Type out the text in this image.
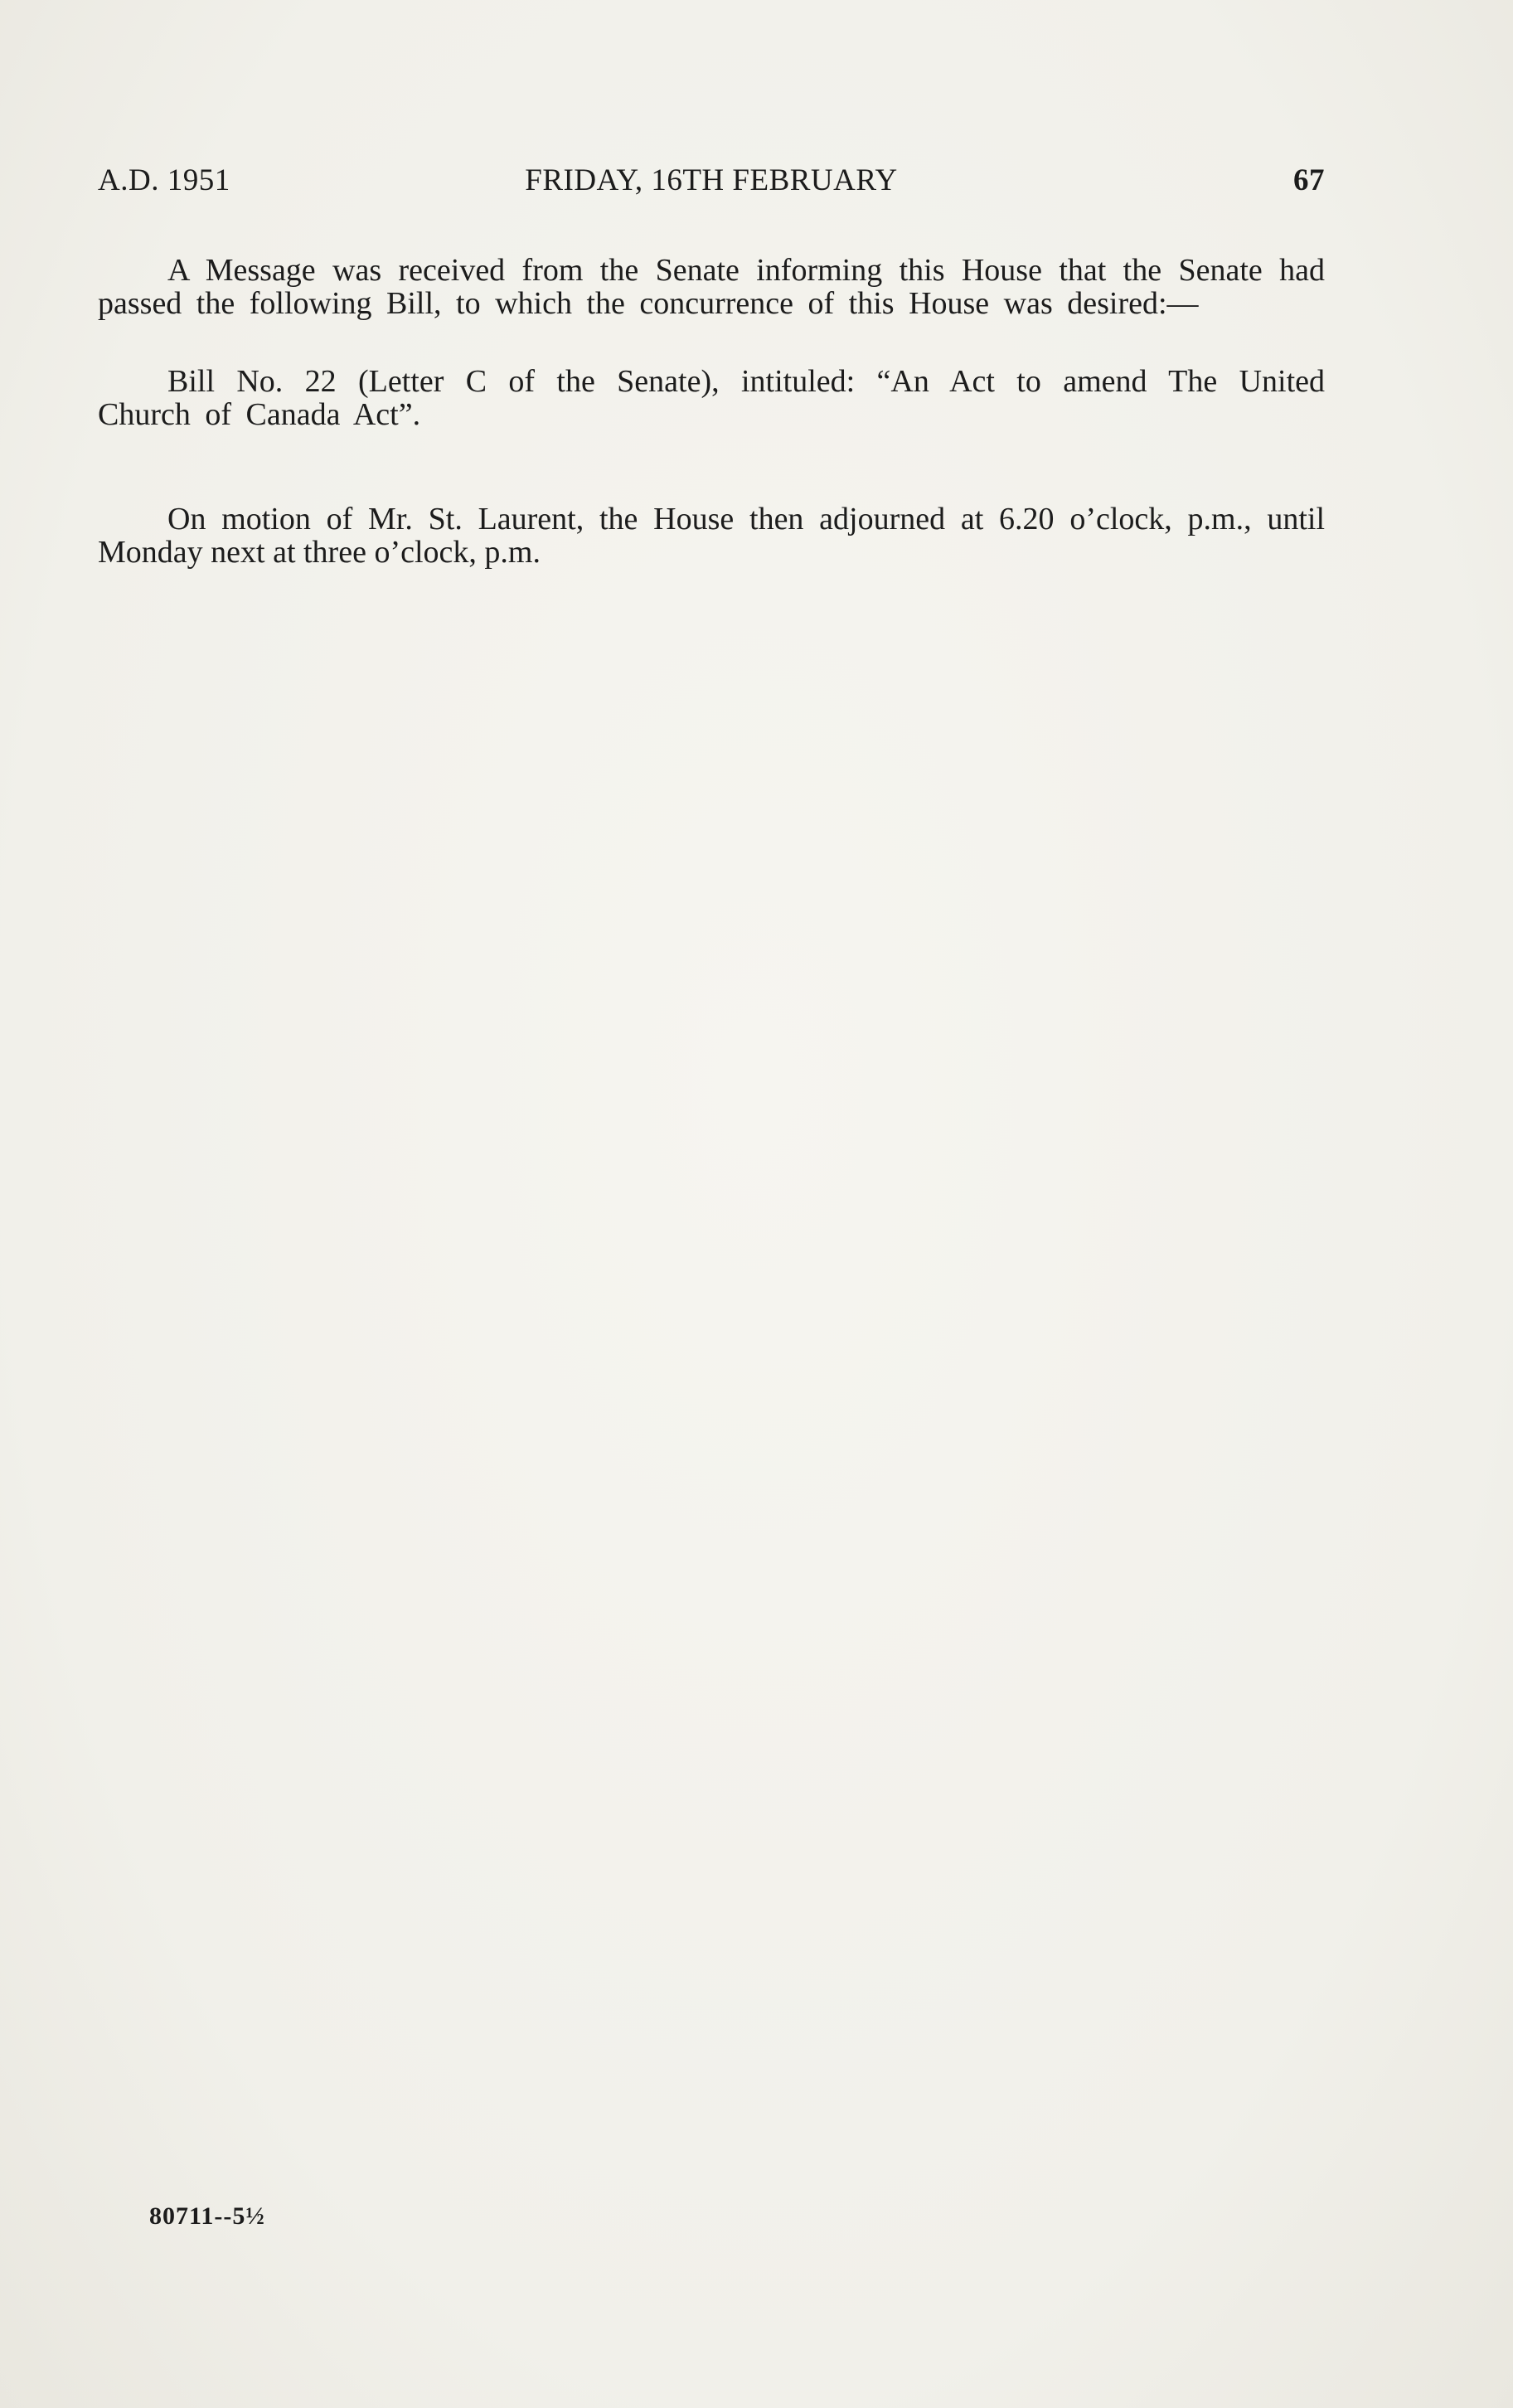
A.D. 1951	FRIDAY, 16TH FEBRUARY	67

A Message was received from the Senate informing this House that the Senate had passed the following Bill, to which the concurrence of this House was desired:—

Bill No. 22 (Letter C of the Senate), intituled: “An Act to amend The United Church of Canada Act”.

On motion of Mr. St. Laurent, the House then adjourned at 6.20 o’clock, p.m., until Monday next at three o’clock, p.m.

80711--5½
